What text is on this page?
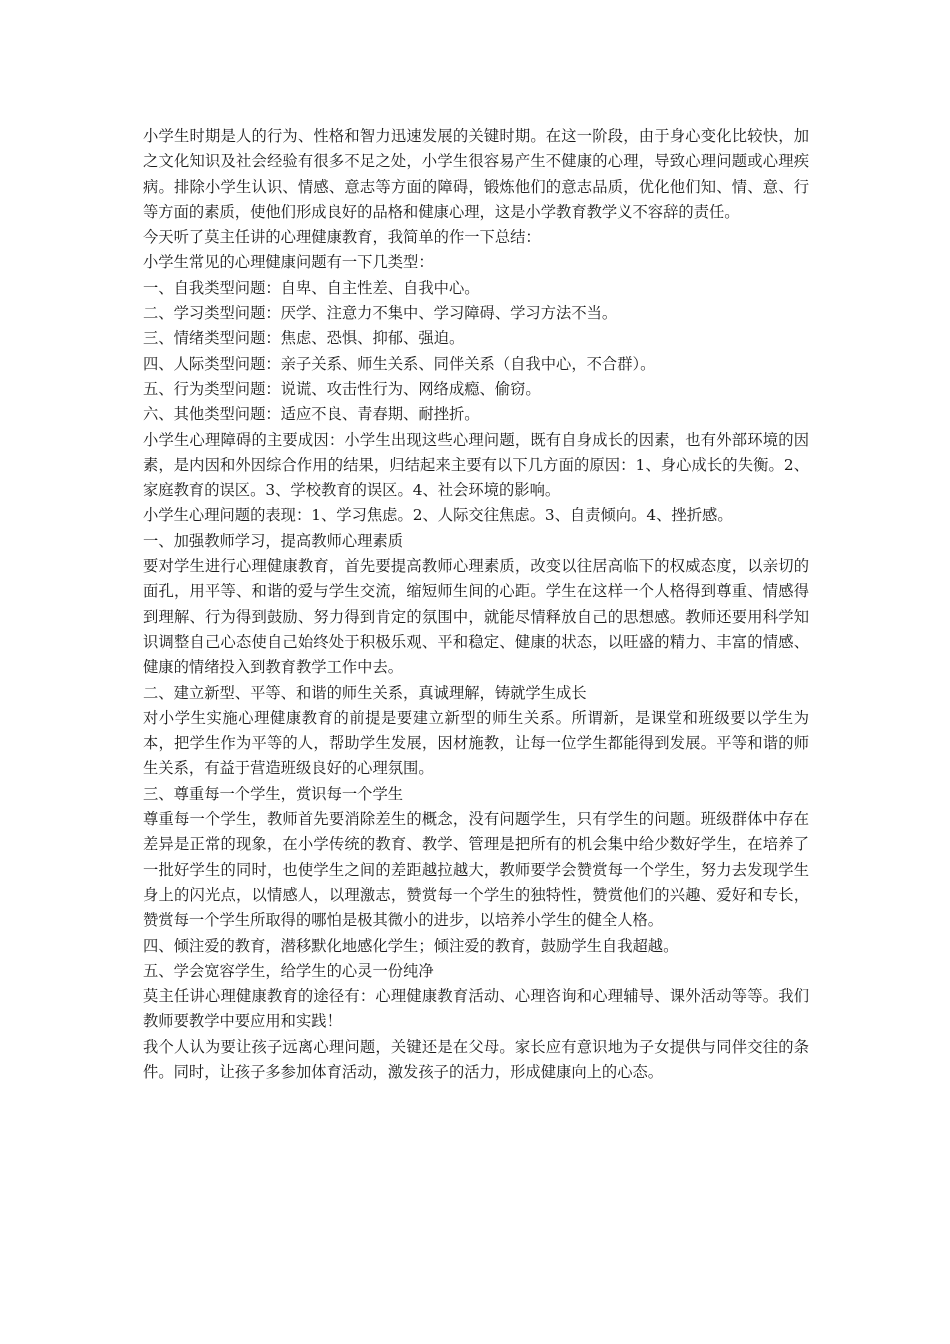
小学生时期是人的行为、性格和智力迅速发展的关键时期。在这一阶段，由于身心变化比较快，加之文化知识及社会经验有很多不足之处，小学生很容易产生不健康的心理，导致心理问题或心理疾病。排除小学生认识、情感、意志等方面的障碍，锻炼他们的意志品质，优化他们知、情、意、行等方面的素质，使他们形成良好的品格和健康心理，这是小学教育教学义不容辞的责任。

今天听了莫主任讲的心理健康教育，我简单的作一下总结：

小学生常见的心理健康问题有一下几类型：

一、自我类型问题：自卑、自主性差、自我中心。

二、学习类型问题：厌学、注意力不集中、学习障碍、学习方法不当。

三、情绪类型问题：焦虑、恐惧、抑郁、强迫。

四、人际类型问题：亲子关系、师生关系、同伴关系（自我中心，不合群）。

五、行为类型问题：说谎、攻击性行为、网络成瘾、偷窃。

六、其他类型问题：适应不良、青春期、耐挫折。

小学生心理障碍的主要成因：小学生出现这些心理问题，既有自身成长的因素，也有外部环境的因素，是内因和外因综合作用的结果，归结起来主要有以下几方面的原因：1、身心成长的失衡。2、家庭教育的误区。3、学校教育的误区。4、社会环境的影响。

小学生心理问题的表现：1、学习焦虑。2、人际交往焦虑。3、自责倾向。4、挫折感。

一、加强教师学习，提高教师心理素质

要对学生进行心理健康教育，首先要提高教师心理素质，改变以往居高临下的权威态度，以亲切的面孔，用平等、和谐的爱与学生交流，缩短师生间的心距。学生在这样一个人格得到尊重、情感得到理解、行为得到鼓励、努力得到肯定的氛围中，就能尽情释放自己的思想感。教师还要用科学知识调整自己心态使自己始终处于积极乐观、平和稳定、健康的状态，以旺盛的精力、丰富的情感、健康的情绪投入到教育教学工作中去。

二、建立新型、平等、和谐的师生关系，真诚理解，铸就学生成长

对小学生实施心理健康教育的前提是要建立新型的师生关系。所谓新，是课堂和班级要以学生为本，把学生作为平等的人，帮助学生发展，因材施教，让每一位学生都能得到发展。平等和谐的师生关系，有益于营造班级良好的心理氛围。

三、尊重每一个学生，赏识每一个学生

尊重每一个学生，教师首先要消除差生的概念，没有问题学生，只有学生的问题。班级群体中存在差异是正常的现象，在小学传统的教育、教学、管理是把所有的机会集中给少数好学生，在培养了一批好学生的同时，也使学生之间的差距越拉越大，教师要学会赞赏每一个学生，努力去发现学生身上的闪光点，以情感人，以理激志，赞赏每一个学生的独特性，赞赏他们的兴趣、爱好和专长，赞赏每一个学生所取得的哪怕是极其微小的进步，以培养小学生的健全人格。

四、倾注爱的教育，潜移默化地感化学生；倾注爱的教育，鼓励学生自我超越。

五、学会宽容学生，给学生的心灵一份纯净

莫主任讲心理健康教育的途径有：心理健康教育活动、心理咨询和心理辅导、课外活动等等。我们教师要教学中要应用和实践！

我个人认为要让孩子远离心理问题，关键还是在父母。家长应有意识地为子女提供与同伴交往的条件。同时，让孩子多参加体育活动，激发孩子的活力，形成健康向上的心态。
